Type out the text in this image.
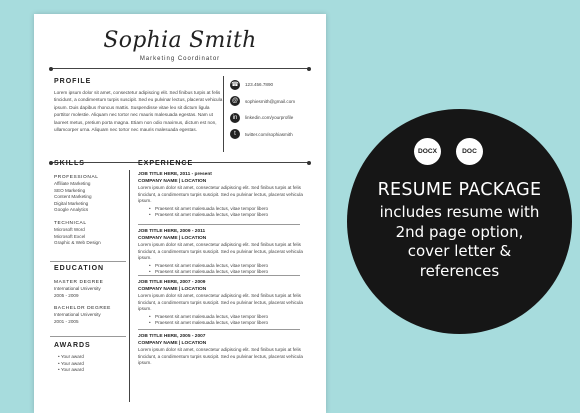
Sophia Smith
Marketing Coordinator
PROFILE
Lorem ipsum dolor sit amet, consectetur adipiscing elit. Sed finibus turpis at felis tincidunt, a condimentum turpis suscipit. Sed eu pulvinar lectus, placerat vehicula ipsum. Duis dapibus rhoncus mattis. Suspendisse vitae leo sit dictum ligula porttitor molestie. Aliquam nec tortor nec mauris malesuada egestas. Nam ut laoreet metus, pretium porta magna. Etiam non odio maximus, dictum est non, ullamcorper urna. Aliquam nec tortor nec mauris malesuada egestas.
☎ 123.456.7890
@	sophiesmith@gmail.com
in	linkedin.com/yourprofile
t	twitter.com/sophiasmith
SKILLS
PROFESSIONAL
Affiliate Marketing
SEO Marketing
Content Marketing
Digital Marketing
Google Analytics
TECHNICAL
Microsoft Word
Microsoft Excel
Graphic & Web Design
EDUCATION
MASTER DEGREE
International University
2005 - 2009
BACHELOR DEGREE
International University
2001 - 2005
AWARDS
• Your award
• Your award
• Your award
EXPERIENCE
JOB TITLE HERE, 2011 - present
COMPANY NAME | LOCATION
Lorem ipsum dolor sit amet, consectetur adipiscing elit. Sed finibus turpis at felis tincidunt, a condimentum turpis suscipit. Sed eu pulvinar lectus, placerat vehicula ipsum.
• Praesent sit amet malesuada lectus, vitae tempor libero
• Praesent sit amet malesuada lectus, vitae tempor libero
JOB TITLE HERE, 2009 - 2011
COMPANY NAME | LOCATION
Lorem ipsum dolor sit amet, consectetur adipiscing elit. Sed finibus turpis at felis tincidunt, a condimentum turpis suscipit. Sed eu pulvinar lectus, placerat vehicula ipsum.
• Praesent sit amet malesuada lectus, vitae tempor libero
• Praesent sit amet malesuada lectus, vitae tempor libero
JOB TITLE HERE, 2007 - 2009
COMPANY NAME | LOCATION
Lorem ipsum dolor sit amet, consectetur adipiscing elit. Sed finibus turpis at felis tincidunt, a condimentum turpis suscipit. Sed eu pulvinar lectus, placerat vehicula ipsum.
• Praesent sit amet malesuada lectus, vitae tempor libero
• Praesent sit amet malesuada lectus, vitae tempor libero
JOB TITLE HERE, 2005 - 2007
COMPANY NAME | LOCATION
Lorem ipsum dolor sit amet, consectetur adipiscing elit. Sed finibus turpis at felis tincidunt, a condimentum turpis suscipit. Sed eu pulvinar lectus, placerat vehicula ipsum.
DOCX	DOC
RESUME PACKAGE
includes resume with
2nd page option,
cover letter &
references
